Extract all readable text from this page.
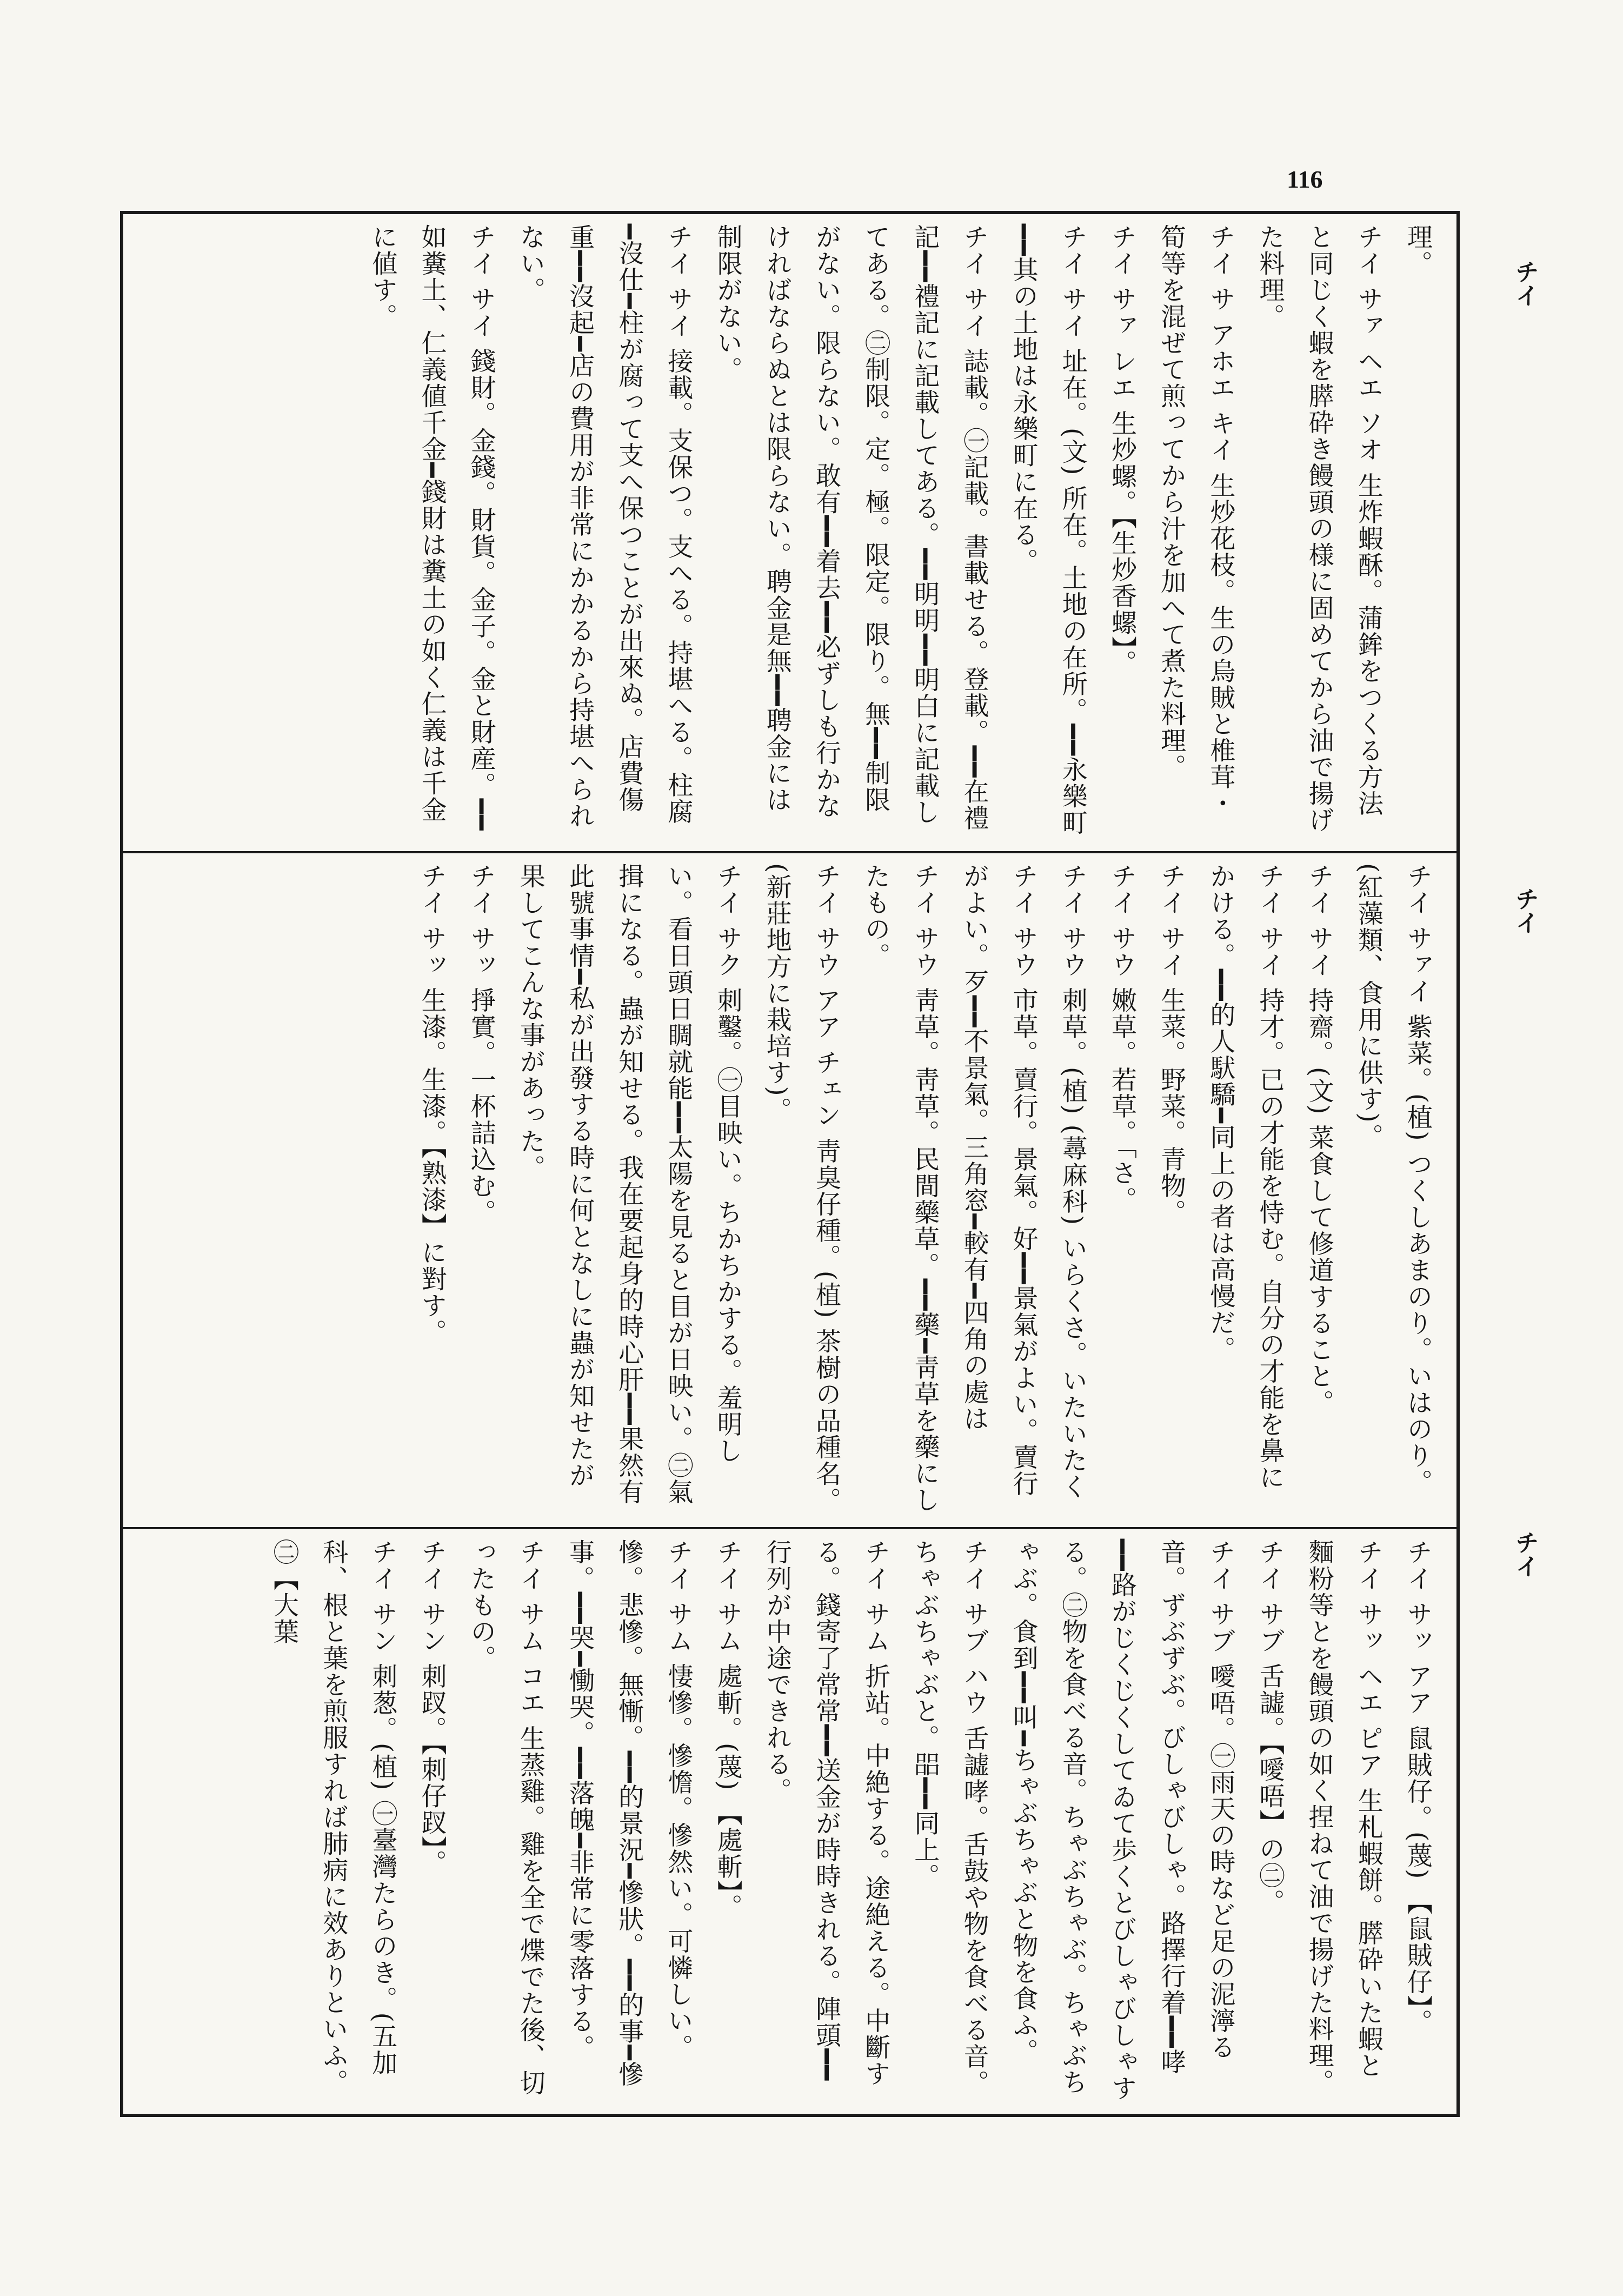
116
チイ
チイ
チイ
理。
チイ サァ ヘエ ソオ 生炸蝦酥。蒲鉾をつくる方法と同じく蝦を膵砕き饅頭の様に固めてから油で揚げた料理。
チイ サ アホエ キイ 生炒花枝。生の烏賊と椎茸・筍等を混ぜて煎ってから汁を加へて煮た料理。
チイ サァ レエ 生炒螺。【生炒香螺】。
チイ サイ 址在。(文) 所在。土地の在所。━━永樂町━━其の土地は永樂町に在る。
チイ サイ 誌載。㊀記載。書載せる。登載。━━在禮記━━禮記に記載してある。━━明明━━明白に記載してある。㊁制限。定。極。限定。限り。無━━制限がない。限らない。敢有━━着去━━必ずしも行かなければならぬとは限らない。聘金是無━━聘金には制限がない。
チイ サイ 接載。支保つ。支へる。持堪へる。柱腐━沒仕━柱が腐って支へ保つことが出來ぬ。店費傷重━━沒起━店の費用が非常にかかるから持堪へられない。
チイ サイ 錢財。金錢。財貨。金子。金と財産。━━如糞土、仁義値千金━錢財は糞土の如く仁義は千金に値す。
チイ サァイ 紫菜。(植) つくしあまのり。いはのり。(紅藻類、食用に供す)。
チイ サイ 持齋。(文) 菜食して修道すること。
チイ サイ 持才。已の才能を恃む。自分の才能を鼻にかける。━━的人䭾驕━同上の者は高慢だ。
チイ サイ 生菜。野菜。青物。
チイ サウ 嫩草。若草。「さ。
チイ サウ 刺草。(植) (蕁麻科) いらくさ。いたいたく
チイ サウ 市草。賣行。景氣。好━━景氣がよい。賣行がよい。歹━━不景氣。三角窓━較有━四角の處は
チイ サウ 靑草。靑草。民間藥草。━━藥━靑草を藥にしたもの。
チイ サウ アア チェン 靑臭仔種。(植) 茶樹の品種名。(新莊地方に栽培す)。
チイ サク 刺鑿。㊀目映い。ちかちかする。羞明しい。看日頭日睭就能━━太陽を見ると目が日映い。㊁氣揖になる。蟲が知せる。我在要起身的時心肝━━果然有此號事情━私が出發する時に何となしに蟲が知せたが果してこんな事があった。
チイ サッ 掙實。一杯詰込む。
チイ サッ 生漆。生漆。【熟漆】に對す。
チイ サッ アア 鼠賊仔。(蔑) 【鼠賊仔】。
チイ サッ ヘエ ピア 生札蝦餅。膵砕いた蝦と麵粉等とを饅頭の如く捏ねて油で揚げた料理。
チイ サブ 舌譃。【噯唔】の㊁。
チイ サブ 噯唔。㊀雨天の時など足の泥濘る音。ずぶずぶ。びしゃびしゃ。路擇行着━━哮━━路がじくじくしてゐて歩くとびしゃびしゃする。㊁物を食べる音。ちゃぶちゃぶ。ちゃぶちゃぶ。食到━━叫━ちゃぶちゃぶと物を食ふ。
チイ サブ ハウ 舌譃哮。舌鼓や物を食べる音。ちゃぶちゃぶと。㗊━━同上。
チイ サム 折站。中絶する。途絶える。中斷する。錢寄了常常━━送金が時時きれる。陣頭━━行列が中途できれる。
チイ サム 處斬。(蔑) 【處斬】。
チイ サム 悽慘。慘憺。慘然い。可憐しい。慘。悲慘。無慚。━━的景況━慘狀。━━的事━慘事。━━哭━慟哭。━━落魄━非常に零落する。
チイ サム コエ 生蒸雞。雞を全で煠でた後、切ったもの。
チイ サン 刺䟕。【刺仔䟕】。
チイ サン 刺葱。(植) ㊀臺灣たらのき。(五加科、根と葉を煎服すれば肺病に效ありといふ。㊁【大葉
